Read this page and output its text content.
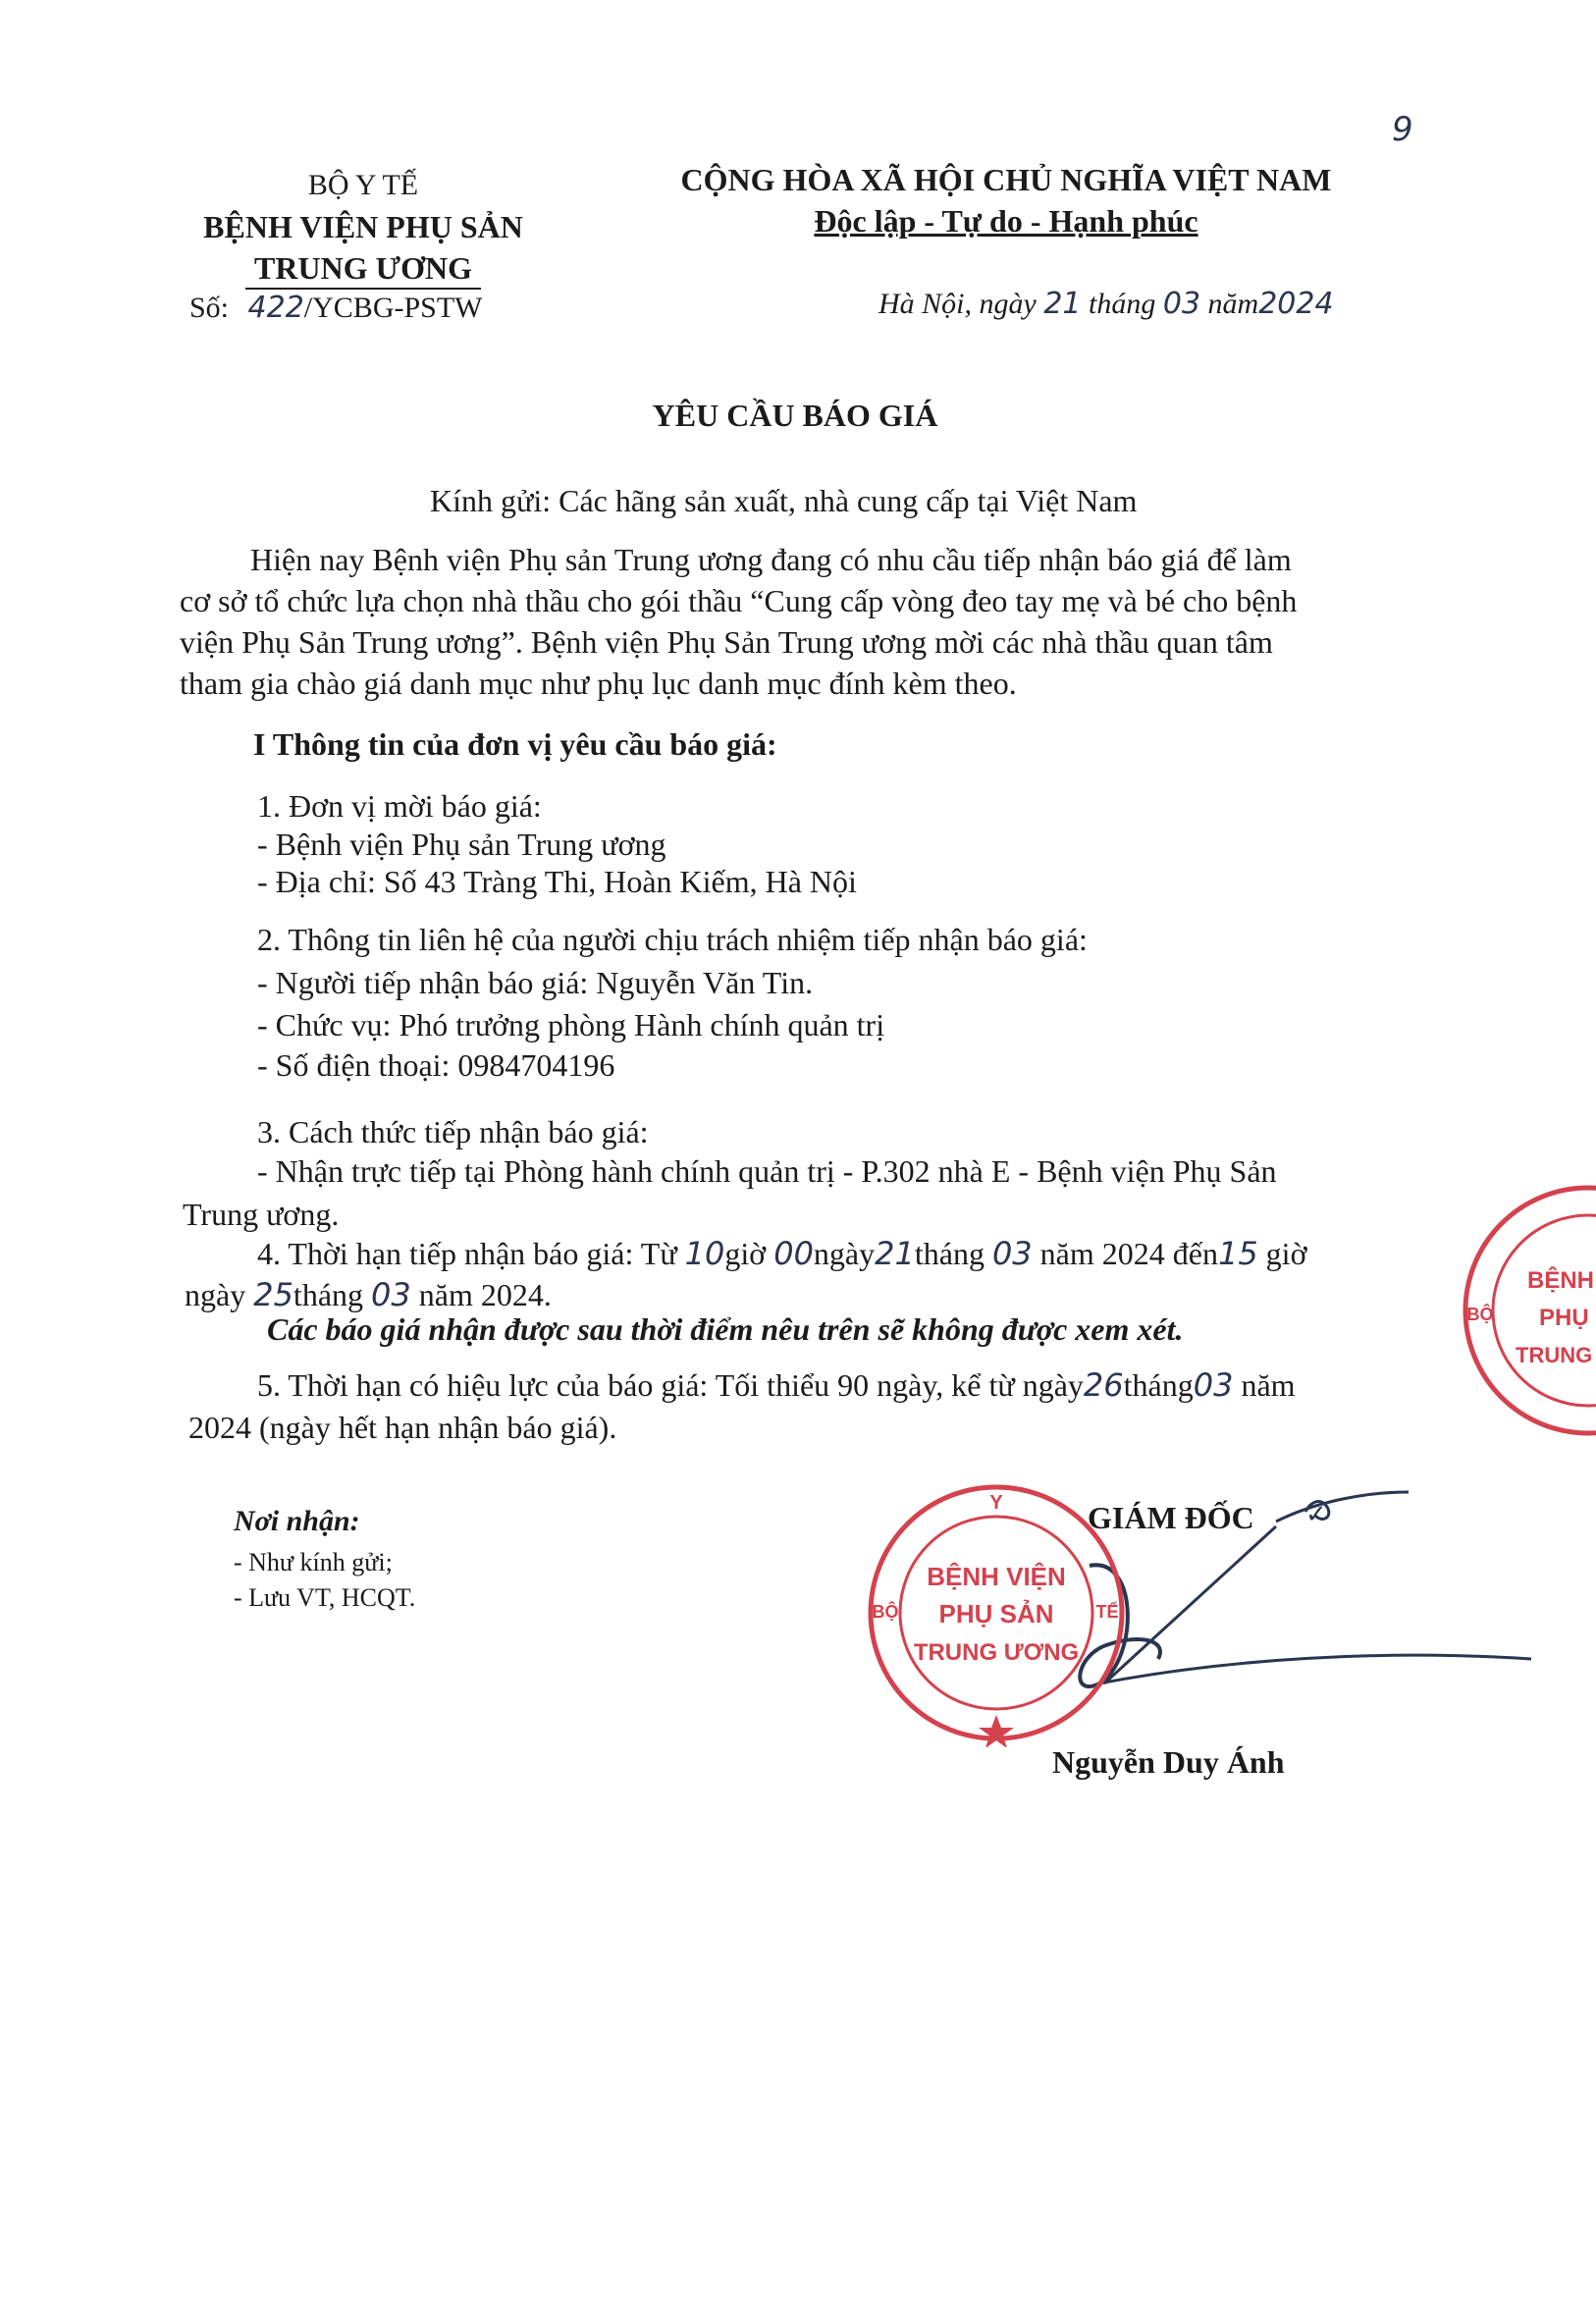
9
BỘ Y TẾ
BỆNH VIỆN PHỤ SẢN
TRUNG ƯƠNG
Số: 422/YCBG-PSTW
CỘNG HÒA XÃ HỘI CHỦ NGHĨA VIỆT NAM
Độc lập - Tự do - Hạnh phúc
Hà Nội, ngày 21 tháng 03 năm2024
YÊU CẦU BÁO GIÁ
Kính gửi: Các hãng sản xuất, nhà cung cấp tại Việt Nam
Hiện nay Bệnh viện Phụ sản Trung ương đang có nhu cầu tiếp nhận báo giá để làm
cơ sở tổ chức lựa chọn nhà thầu cho gói thầu “Cung cấp vòng đeo tay mẹ và bé cho bệnh
viện Phụ Sản Trung ương”. Bệnh viện Phụ Sản Trung ương mời các nhà thầu quan tâm
tham gia chào giá danh mục như phụ lục danh mục đính kèm theo.
I Thông tin của đơn vị yêu cầu báo giá:
1. Đơn vị mời báo giá:
- Bệnh viện Phụ sản Trung ương
- Địa chỉ: Số 43 Tràng Thi, Hoàn Kiếm, Hà Nội
2. Thông tin liên hệ của người chịu trách nhiệm tiếp nhận báo giá:
- Người tiếp nhận báo giá: Nguyễn Văn Tin.
- Chức vụ: Phó trưởng phòng Hành chính quản trị
- Số điện thoại: 0984704196
3. Cách thức tiếp nhận báo giá:
- Nhận trực tiếp tại Phòng hành chính quản trị - P.302 nhà E - Bệnh viện Phụ Sản
Trung ương.
4. Thời hạn tiếp nhận báo giá: Từ 10giờ 00ngày21tháng 03 năm 2024 đến15 giờ
ngày 25tháng 03 năm 2024.
Các báo giá nhận được sau thời điểm nêu trên sẽ không được xem xét.
5. Thời hạn có hiệu lực của báo giá: Tối thiểu 90 ngày, kể từ ngày26tháng03 năm
2024 (ngày hết hạn nhận báo giá).
Nơi nhận:
- Như kính gửi;
- Lưu VT, HCQT.
GIÁM ĐỐC
Nguyễn Duy Ánh
Y
BỘ	TẾ
BỆNH VIỆN
PHỤ SẢN
TRUNG ƯƠNG
BỘ
BỆNH
PHỤ
TRUNG
✓
